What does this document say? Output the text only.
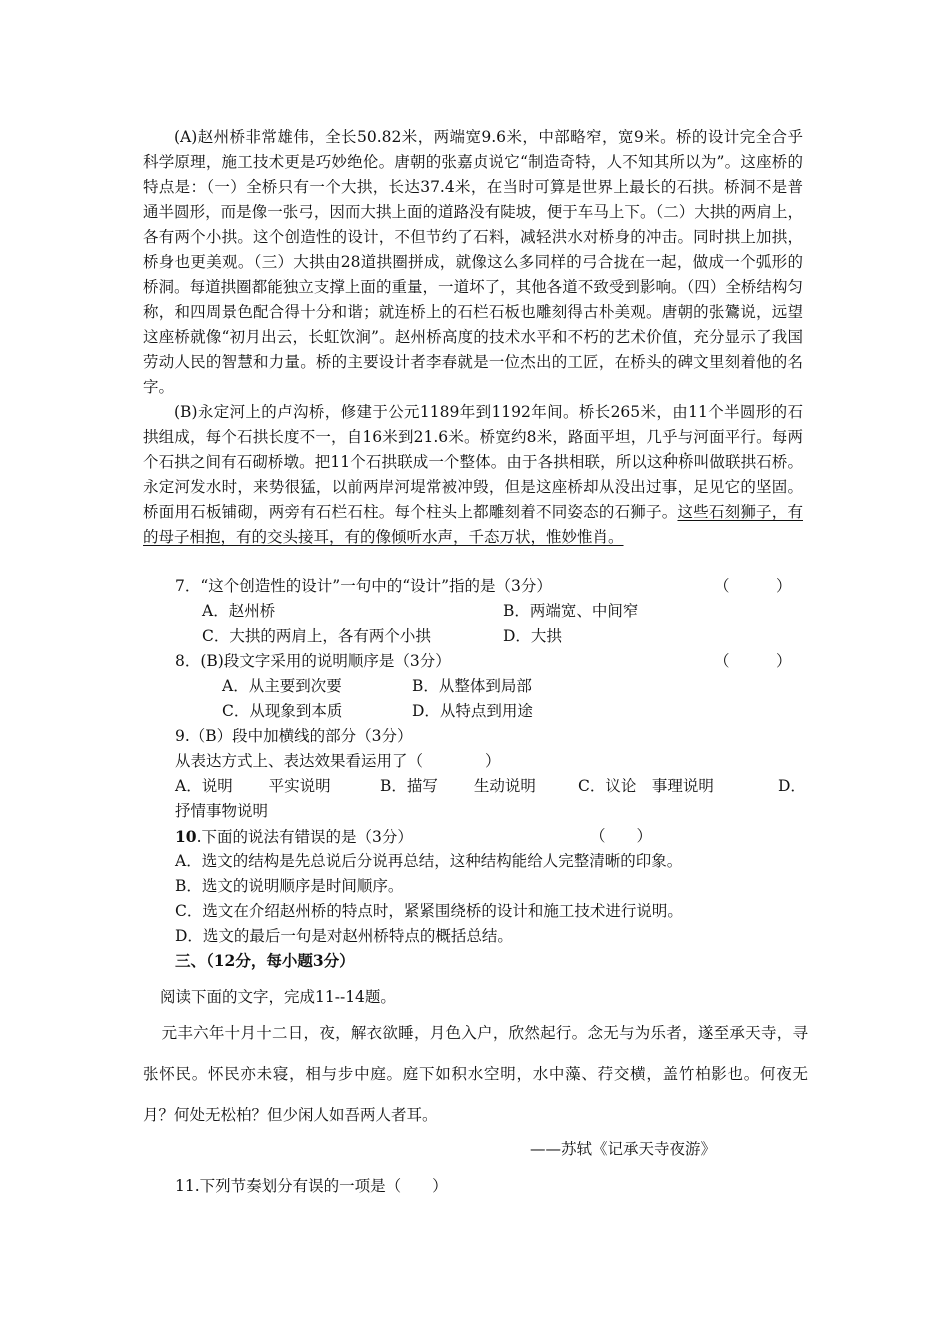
(A)赵州桥非常雄伟，全长50.82米，两端宽9.6米，中部略窄，宽9米。桥的设计完全合乎科学原理，施工技术更是巧妙绝伦。唐朝的张嘉贞说它“制造奇特，人不知其所以为”。这座桥的特点是：（一）全桥只有一个大拱，长达37.4米，在当时可算是世界上最长的石拱。桥洞不是普通半圆形，而是像一张弓，因而大拱上面的道路没有陡坡，便于车马上下。（二）大拱的两肩上，各有两个小拱。这个创造性的设计，不但节约了石料，减轻洪水对桥身的冲击。同时拱上加拱，桥身也更美观。（三）大拱由28道拱圈拼成，就像这么多同样的弓合拢在一起，做成一个弧形的桥洞。每道拱圈都能独立支撑上面的重量，一道坏了，其他各道不致受到影响。（四）全桥结构匀称，和四周景色配合得十分和谐；就连桥上的石栏石板也雕刻得古朴美观。唐朝的张鷟说，远望这座桥就像“初月出云，长虹饮涧”。赵州桥高度的技术水平和不朽的艺术价值，充分显示了我国劳动人民的智慧和力量。桥的主要设计者李春就是一位杰出的工匠，在桥头的碑文里刻着他的名字。

(B)永定河上的卢沟桥，修建于公元1189年到1192年间。桥长265米，由11个半圆形的石拱组成，每个石拱长度不一，自16米到21.6米。桥宽约8米，路面平坦，几乎与河面平行。每两个石拱之间有石砌桥墩。把11个石拱联成一个整体。由于各拱相联，所以这种桥叫做联拱石桥。永定河发水时，来势很猛，以前两岸河堤常被冲毁，但是这座桥却从没出过事，足见它的坚固。桥面用石板铺砌，两旁有石栏石柱。每个柱头上都雕刻着不同姿态的石狮子。这些石刻狮子，有的母子相抱，有的交头接耳，有的像倾听水声，千态万状，惟妙惟肖。

7．“这个创造性的设计”一句中的“设计”指的是（3分）	（　　　）
A．赵州桥	B．两端宽、中间窄
C．大拱的两肩上，各有两个小拱	D．大拱
8．(B)段文字采用的说明顺序是（3分）	（　　　）
A．从主要到次要	B．从整体到局部
C．从现象到本质	D．从特点到用途
9.（B）段中加横线的部分（3分）
从表达方式上、表达效果看运用了（　　　　）
A．说明　　 平实说明	B．描写　　 生动说明	C．议论　事理说明	D．
抒情事物说明
10.下面的说法有错误的是（3分）	（　　）
A．选文的结构是先总说后分说再总结，这种结构能给人完整清晰的印象。
B．选文的说明顺序是时间顺序。
C．选文在介绍赵州桥的特点时，紧紧围绕桥的设计和施工技术进行说明。
D．选文的最后一句是对赵州桥特点的概括总结。
三、（12分，每小题3分）
阅读下面的文字，完成11--14题。

元丰六年十月十二日，夜，解衣欲睡，月色入户，欣然起行。念无与为乐者，遂至承天寺，寻张怀民。怀民亦未寝，相与步中庭。庭下如积水空明，水中藻、荇交横，盖竹柏影也。何夜无月？何处无松柏？但少闲人如吾两人者耳。

——苏轼《记承天寺夜游》
11.下列节奏划分有误的一项是（　　）
